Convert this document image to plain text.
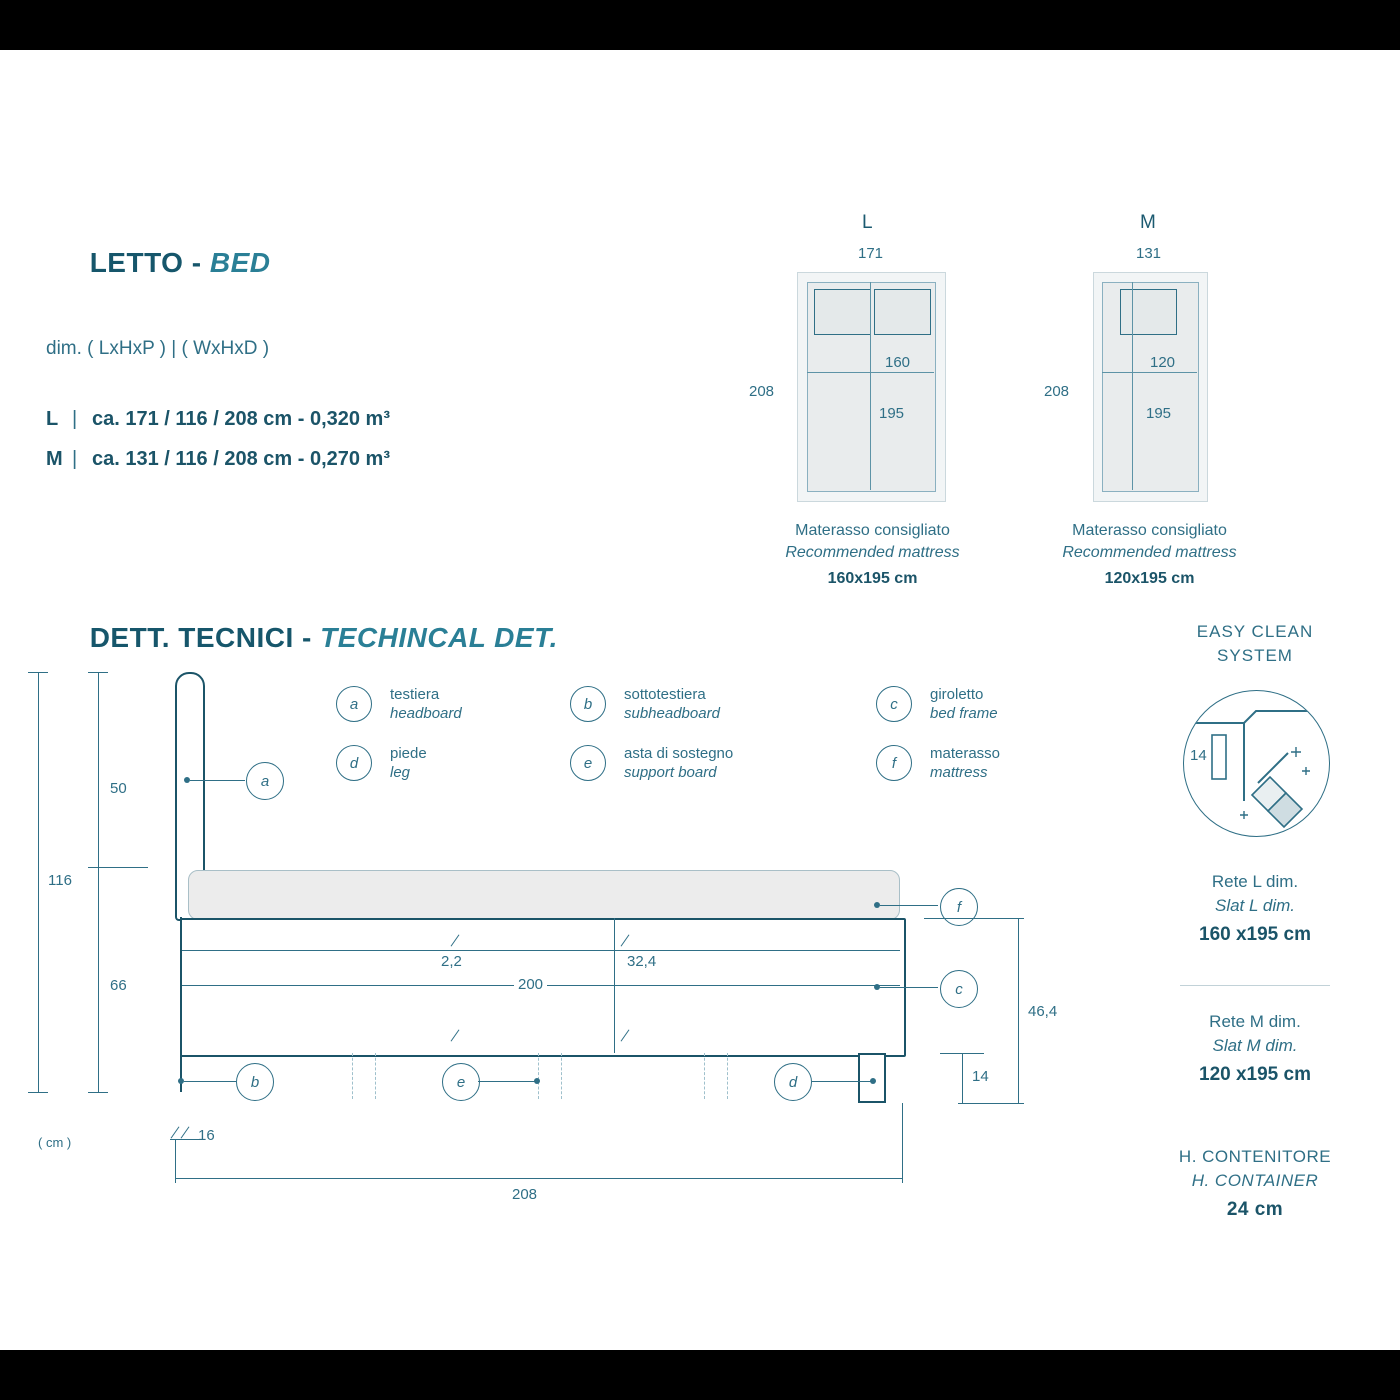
LETTO - BED

dim. ( LxHxP ) | ( WxHxD )
L | ca. 171 / 116 / 208 cm - 0,320 m³
M | ca. 131 / 116 / 208 cm - 0,270 m³
L
171
208
160
195
Materasso consigliato
Recommended mattress
160x195 cm
M
131
208
120
195
Materasso consigliato
Recommended mattress
120x195 cm

DETT. TECNICI - TECHINCAL DET.

a
testiera
headboard
b
sottotestiera
subheadboard
c
giroletto
bed frame
d
piede
leg
e
asta di sostegno
support board
f
materasso
mattress
116
50
66
( cm )
a
b	e	d
f
c
2,2	32,4
200
46,4
14
16
208
EASY CLEAN
SYSTEM
14
Rete L dim.
Slat L dim.
160 x195 cm
Rete M dim.
Slat M dim.
120 x195 cm
H. CONTENITORE
H. CONTAINER
24 cm
